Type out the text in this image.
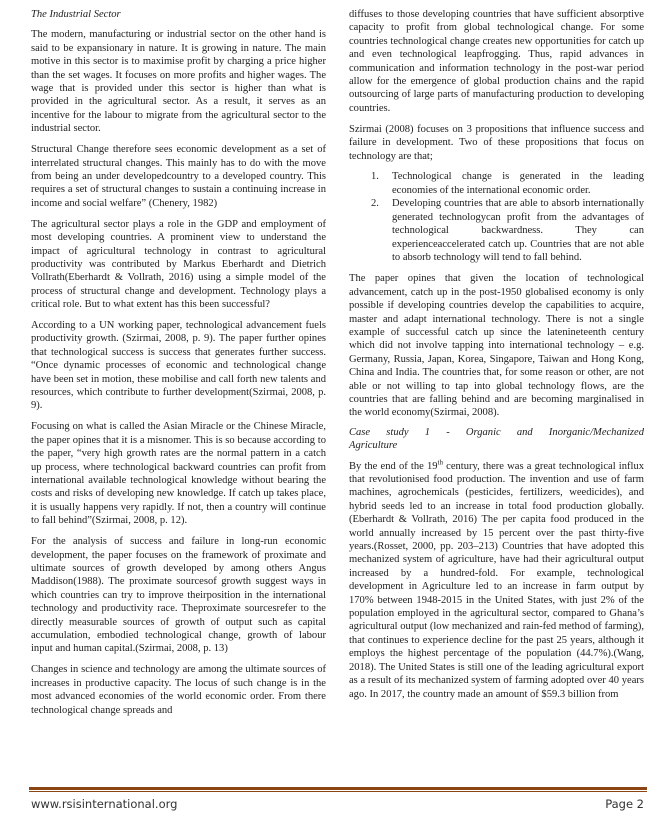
The Industrial Sector

The modern, manufacturing or industrial sector on the other hand is said to be expansionary in nature. It is growing in nature. The main motive in this sector is to maximise profit by charging a price higher than the set wages. It focuses on more profits and higher wages. The wage that is provided under this sector is higher than what is provided in the agricultural sector. As a result, it serves as an incentive for the labour to migrate from the agricultural sector to the industrial sector.

Structural Change therefore sees economic development as a set of interrelated structural changes. This mainly has to do with the move from being an under developedcountry to a developed country. This requires a set of structural changes to sustain a continuing increase in income and social welfare” (Chenery, 1982)

The agricultural sector plays a role in the GDP and employment of most developing countries. A prominent view to understand the impact of agricultural technology in contrast to agricultural productivity was contributed by Markus Eberhardt and Dietrich Vollrath(Eberhardt & Vollrath, 2016) using a simple model of the process of structural change and development. Technology plays a critical role. But to what extent has this been successful?

According to a UN working paper, technological advancement fuels productivity growth. (Szirmai, 2008, p. 9). The paper further opines that technological success is success that generates further success. “Once dynamic processes of economic and technological change have been set in motion, these mobilise and call forth new talents and resources, which contribute to further development(Szirmai, 2008, p. 9).

Focusing on what is called the Asian Miracle or the Chinese Miracle, the paper opines that it is a misnomer. This is so because according to the paper, “very high growth rates are the normal pattern in a catch up process, where technological backward countries can profit from international available technological knowledge without bearing the costs and risks of developing new knowledge. If catch up takes place, it is usually happens very rapidly. If not, then a country will continue to fall behind”(Szirmai, 2008, p. 12).

For the analysis of success and failure in long-run economic development, the paper focuses on the framework of proximate and ultimate sources of growth developed by among others Angus Maddison(1988). The proximate sourcesof growth suggest ways in which countries can try to improve theirposition in the international technology and productivity race. Theproximate sourcesrefer to the directly measurable sources of growth of output such as capital accumulation, embodied technological change, growth of labour input and human capital.(Szirmai, 2008, p. 13)

Changes in science and technology are among the ultimate sources of increases in productive capacity. The locus of such change is in the most advanced economies of the world economic order. From there technological change spreads and

diffuses to those developing countries that have sufficient absorptive capacity to profit from global technological change. For some countries technological change creates new opportunities for catch up and even technological leapfrogging. Thus, rapid advances in communication and information technology in the post-war period allow for the emergence of global production chains and the rapid outsourcing of large parts of manufacturing production to developing countries.

Szirmai (2008) focuses on 3 propositions that influence success and failure in development. Two of these propositions that focus on technology are that;

1. Technological change is generated in the leading economies of the international economic order.
2. Developing countries that are able to absorb internationally generated technologycan profit from the advantages of technological backwardness. They can experienceaccelerated catch up. Countries that are not able to absorb technology will tend to fall behind.

The paper opines that given the location of technological advancement, catch up in the post-1950 globalised economy is only possible if developing countries develop the capabilities to acquire, master and adapt international technology. There is not a single example of successful catch up since the latenineteenth century which did not involve tapping into international technology – e.g. Germany, Russia, Japan, Korea, Singapore, Taiwan and Hong Kong, China and India. The countries that, for some reason or other, are not able or not willing to tap into global technology flows, are the countries that are falling behind and are becoming marginalised in the world economy(Szirmai, 2008).

Case study 1 - Organic and Inorganic/Mechanized Agriculture

By the end of the 19th century, there was a great technological influx that revolutionised food production. The invention and use of farm machines, agrochemicals (pesticides, fertilizers, weedicides), and hybrid seeds led to an increase in total food production globally.(Eberhardt & Vollrath, 2016) The per capita food produced in the world annually increased by 15 percent over the past thirty-five years.(Rosset, 2000, pp. 203–213) Countries that have adopted this mechanized system of agriculture, have had their agricultural output increased by a hundred-fold. For example, technological development in Agriculture led to an increase in farm output by 170% between 1948-2015 in the United States, with just 2% of the population employed in the agricultural sector, compared to Ghana’s agricultural output (low mechanized and rain-fed method of farming), that continues to experience decline for the past 25 years, although it employs the highest percentage of the population (44.7%).(Wang, 2018). The United States is still one of the leading agricultural export as a result of its mechanized system of farming adopted over 40 years ago. In 2017, the country made an amount of $59.3 billion from

www.rsisinternational.org	Page 2
